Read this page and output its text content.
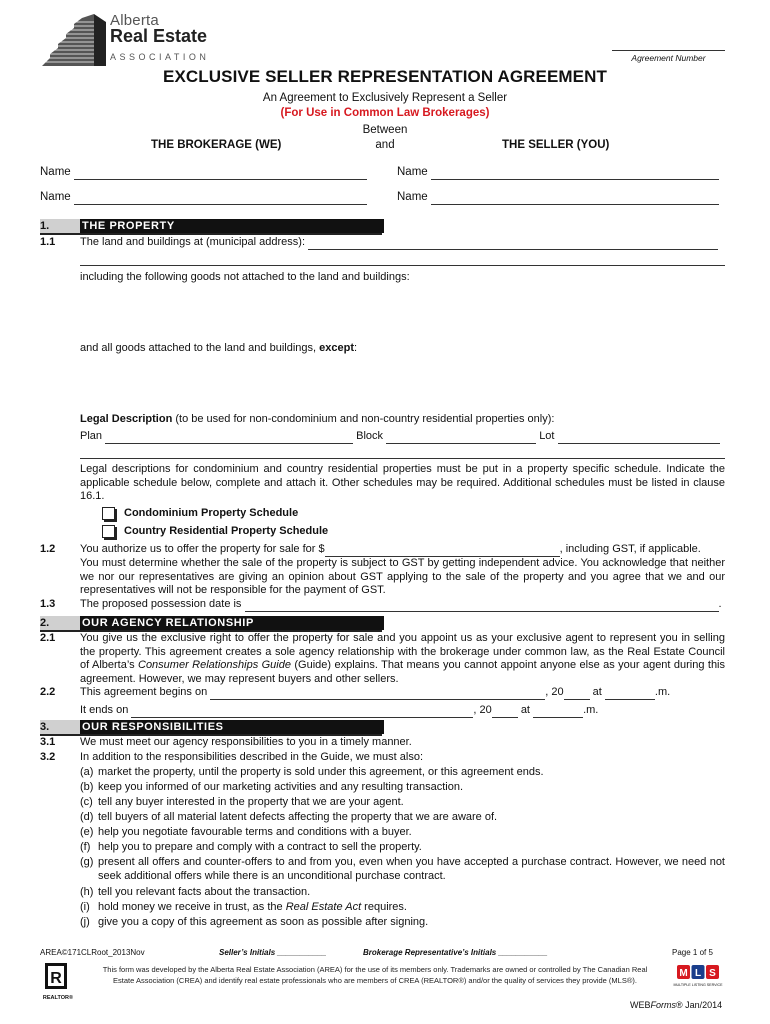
Alberta
Real Estate
ASSOCIATION	Agreement Number
EXCLUSIVE SELLER REPRESENTATION AGREEMENT
An Agreement to Exclusively Represent a Seller
(For Use in Common Law Brokerages)
Between
and
THE BROKERAGE (WE)	THE SELLER (YOU)
Name	Name
Name	Name
1.	THE PROPERTY
1.1	The land and buildings at (municipal address):
including the following goods not attached to the land and buildings:
and all goods attached to the land and buildings, except:
Legal Description (to be used for non-condominium and non-country residential properties only):
Plan	Block	Lot
Legal descriptions for condominium and country residential properties must be put in a property specific schedule. Indicate the applicable schedule below, complete and attach it. Other schedules may be required. Additional schedules must be listed in clause 16.1.
Condominium Property Schedule
Country Residential Property Schedule
1.2	You authorize us to offer the property for sale for $	, including GST, if applicable.
You must determine whether the sale of the property is subject to GST by getting independent advice. You acknowledge that neither we nor our representatives are giving an opinion about GST applying to the sale of the property and you agree that we and our representatives will not be responsible for the payment of GST.
1.3	The proposed possession date is	.
2.	OUR AGENCY RELATIONSHIP
2.1	You give us the exclusive right to offer the property for sale and you appoint us as your exclusive agent to represent you in selling the property. This agreement creates a sole agency relationship with the brokerage under common law, as the Real Estate Council of Alberta’s Consumer Relationships Guide (Guide) explains. That means you cannot appoint anyone else as your agent during this agreement. However, we may represent buyers and other sellers.
2.2	This agreement begins on	, 20	at	.m.
It ends on	, 20	at	.m.
3.	OUR RESPONSIBILITIES
3.1	We must meet our agency responsibilities to you in a timely manner.
3.2	In addition to the responsibilities described in the Guide, we must also:
(a) market the property, until the property is sold under this agreement, or this agreement ends.
(b) keep you informed of our marketing activities and any resulting transaction.
(c) tell any buyer interested in the property that we are your agent.
(d) tell buyers of all material latent defects affecting the property that we are aware of.
(e) help you negotiate favourable terms and conditions with a buyer.
(f) help you to prepare and comply with a contract to sell the property.
(g) present all offers and counter-offers to and from you, even when you have accepted a purchase contract. However, we need not seek additional offers while there is an unconditional purchase contract.
(h) tell you relevant facts about the transaction.
(i) hold money we receive in trust, as the Real Estate Act requires.
(j) give you a copy of this agreement as soon as possible after signing.
AREA©171CLRoot_2013Nov	Seller’s Initials ___________	Brokerage Representative’s Initials ___________	Page 1 of 5
R
REALTOR®
This form was developed by the Alberta Real Estate Association (AREA) for the use of its members only. Trademarks are owned or controlled by The Canadian Real Estate Association (CREA) and identify real estate professionals who are members of CREA (REALTOR®) and/or the quality of services they provide (MLS®).
M L S
MULTIPLE LISTING SERVICE
WEBForms® Jan/2014
